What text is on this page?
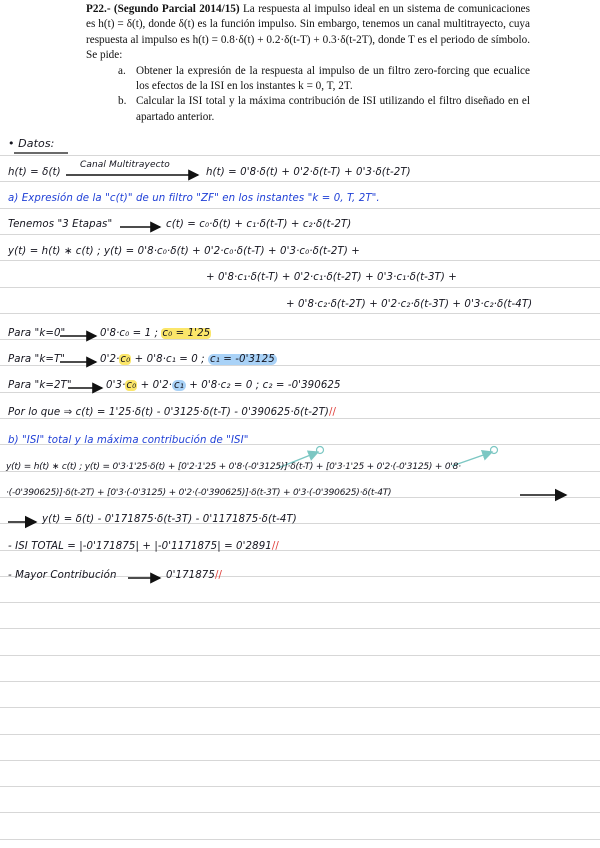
P22.- (Segundo Parcial 2014/15) La respuesta al impulso ideal en un sistema de comunicaciones es h(t) = δ(t), donde δ(t) es la función impulso. Sin embargo, tenemos un canal multitrayecto, cuya respuesta al impulso es h(t) = 0.8·δ(t) + 0.2·δ(t-T) + 0.3·δ(t-2T), donde T es el periodo de símbolo. Se pide:
a. Obtener la expresión de la respuesta al impulso de un filtro zero-forcing que ecualice los efectos de la ISI en los instantes k = 0, T, 2T.
b. Calcular la ISI total y la máxima contribución de ISI utilizando el filtro diseñado en el apartado anterior.
• Datos:
h(t) = δ(t)
Canal Multitrayecto
h(t) = 0'8·δ(t) + 0'2·δ(t-T) + 0'3·δ(t-2T)
a) Expresión de la "c(t)" de un filtro "ZF" en los instantes "k = 0, T, 2T".
Tenemos "3 Etapas"	c(t) = c₀·δ(t) + c₁·δ(t-T) + c₂·δ(t-2T)
y(t) = h(t) ∗ c(t) ; y(t) = 0'8·c₀·δ(t) + 0'2·c₀·δ(t-T) + 0'3·c₀·δ(t-2T) +
+ 0'8·c₁·δ(t-T) + 0'2·c₁·δ(t-2T) + 0'3·c₁·δ(t-3T) +
+ 0'8·c₂·δ(t-2T) + 0'2·c₂·δ(t-3T) + 0'3·c₂·δ(t-4T)
Para "k=0"	0'8·c₀ = 1 ; c₀ = 1'25
Para "k=T"	0'2·c₀ + 0'8·c₁ = 0 ; c₁ = -0'3125
Para "k=2T"	0'3·c₀ + 0'2· c₁ + 0'8·c₂ = 0 ; c₂ = -0'390625
Por lo que ⇒ c(t) = 1'25·δ(t) - 0'3125·δ(t-T) - 0'390625·δ(t-2T)//
b) "ISI" total y la máxima contribución de "ISI"
y(t) = h(t) ∗ c(t) ; y(t) = 0'3·1'25·δ(t) + [0'2·1'25 + 0'8·(-0'3125)]·δ(t-T) + [0'3·1'25 + 0'2·(-0'3125) + 0'8·
·(-0'390625)]·δ(t-2T) + [0'3·(-0'3125) + 0'2·(-0'390625)]·δ(t-3T) + 0'3·(-0'390625)·δ(t-4T)
y(t) = δ(t) - 0'171875·δ(t-3T) - 0'1171875·δ(t-4T)
- ISI TOTAL = |-0'171875| + |-0'1171875| = 0'2891//
- Mayor Contribución	0'171875//
